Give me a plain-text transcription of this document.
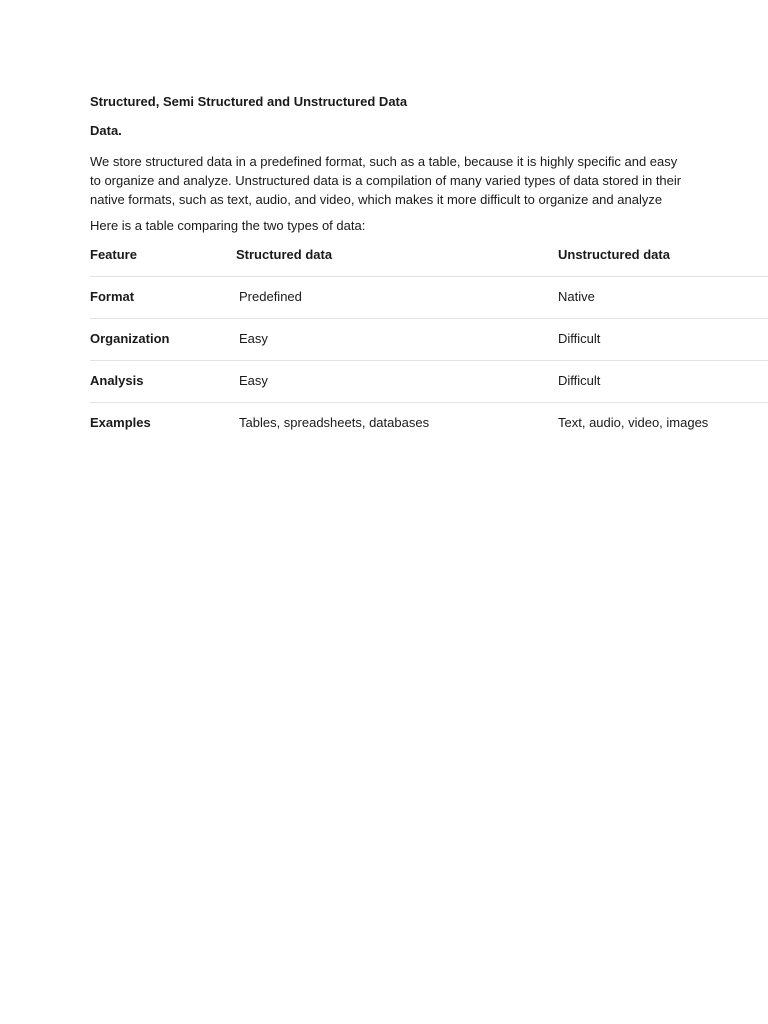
Structured, Semi Structured and Unstructured Data

Data.

We store structured data in a predefined format, such as a table, because it is highly specific and easy to organize and analyze. Unstructured data is a compilation of many varied types of data stored in their native formats, such as text, audio, and video, which makes it more difficult to organize and analyze

Here is a table comparing the two types of data:

Feature	Structured data	Unstructured data
Format	Predefined	Native
Organization	Easy	Difficult
Analysis	Easy	Difficult
Examples	Tables, spreadsheets, databases	Text, audio, video, images
